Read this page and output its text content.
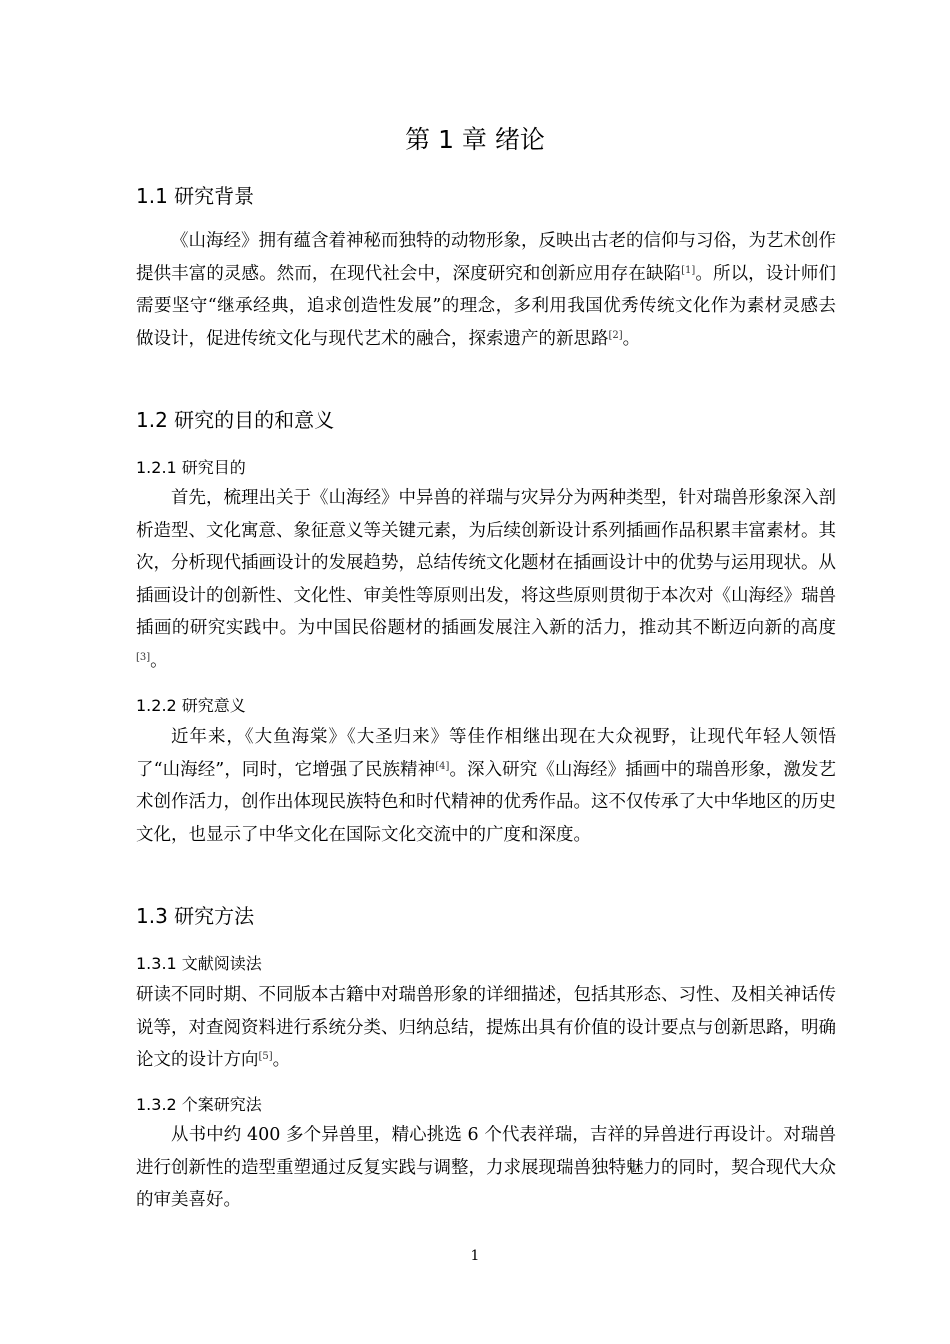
第 1 章 绪论
1.1 研究背景

《山海经》拥有蕴含着神秘而独特的动物形象，反映出古老的信仰与习俗，为艺术创作提供丰富的灵感。然而，在现代社会中，深度研究和创新应用存在缺陷[1]。所以，设计师们需要坚守“继承经典，追求创造性发展”的理念，多利用我国优秀传统文化作为素材灵感去做设计，促进传统文化与现代艺术的融合，探索遗产的新思路[2]。

1.2 研究的目的和意义
1.2.1 研究目的

首先，梳理出关于《山海经》中异兽的祥瑞与灾异分为两种类型，针对瑞兽形象深入剖析造型、文化寓意、象征意义等关键元素，为后续创新设计系列插画作品积累丰富素材。其次，分析现代插画设计的发展趋势，总结传统文化题材在插画设计中的优势与运用现状。从插画设计的创新性、文化性、审美性等原则出发，将这些原则贯彻于本次对《山海经》瑞兽插画的研究实践中。为中国民俗题材的插画发展注入新的活力，推动其不断迈向新的高度[3]。

1.2.2 研究意义

近年来，《大鱼海棠》《大圣归来》等佳作相继出现在大众视野，让现代年轻人领悟了“山海经”，同时，它增强了民族精神[4]。深入研究《山海经》插画中的瑞兽形象，激发艺术创作活力，创作出体现民族特色和时代精神的优秀作品。这不仅传承了大中华地区的历史文化，也显示了中华文化在国际文化交流中的广度和深度。

1.3 研究方法
1.3.1 文献阅读法

研读不同时期、不同版本古籍中对瑞兽形象的详细描述，包括其形态、习性、及相关神话传说等，对查阅资料进行系统分类、归纳总结，提炼出具有价值的设计要点与创新思路，明确论文的设计方向[5]。

1.3.2 个案研究法

从书中约 400 多个异兽里，精心挑选 6 个代表祥瑞，吉祥的异兽进行再设计。对瑞兽进行创新性的造型重塑通过反复实践与调整，力求展现瑞兽独特魅力的同时，契合现代大众的审美喜好。

1
